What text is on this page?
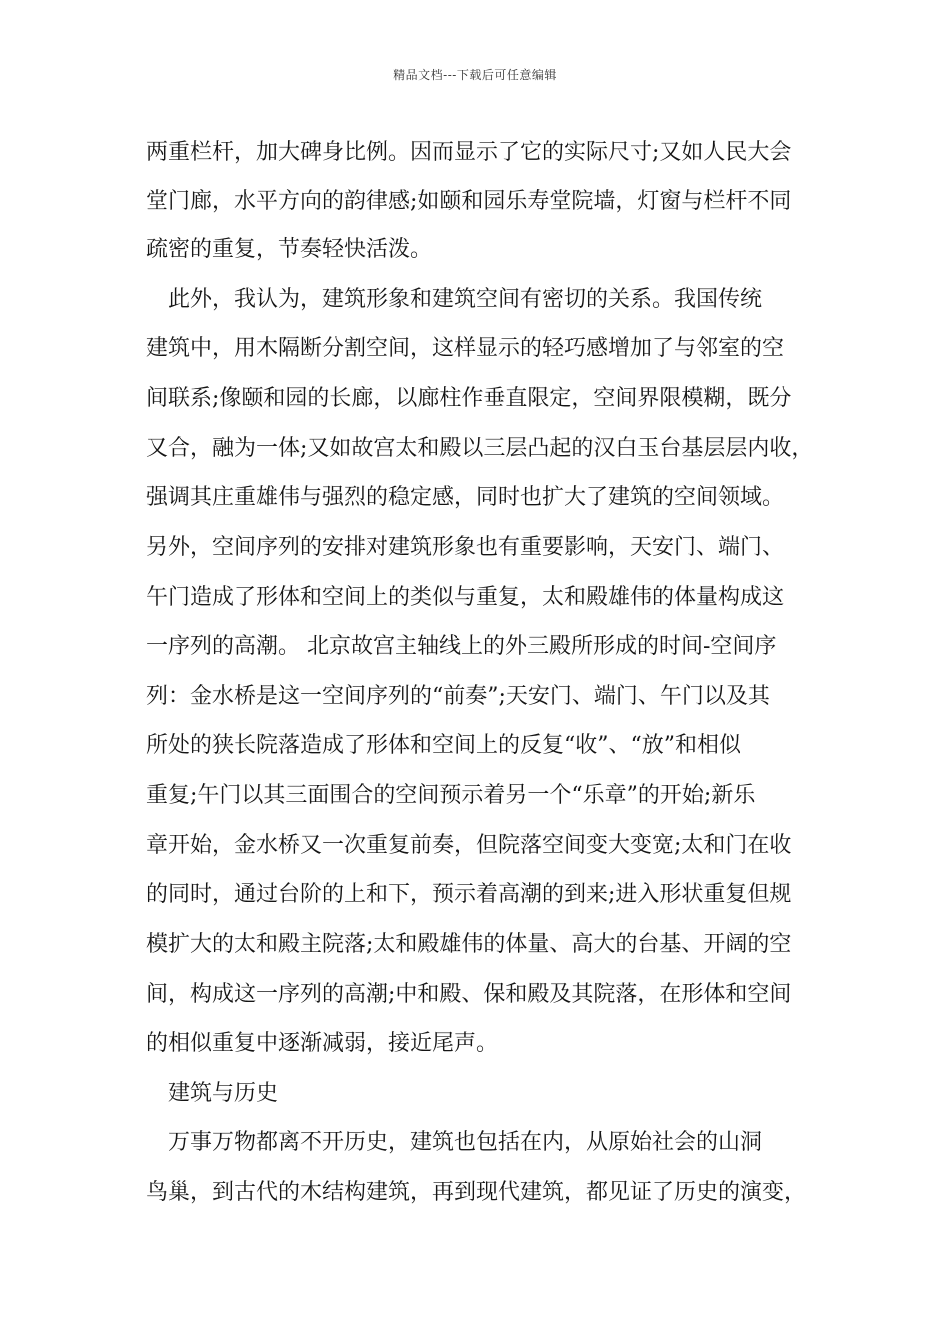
精品文档---下载后可任意编辑
两重栏杆，加大碑身比例。因而显示了它的实际尺寸;又如人民大会
堂门廊，水平方向的韵律感;如颐和园乐寿堂院墙，灯窗与栏杆不同
疏密的重复，节奏轻快活泼。
　此外，我认为，建筑形象和建筑空间有密切的关系。我国传统
建筑中，用木隔断分割空间，这样显示的轻巧感增加了与邻室的空
间联系;像颐和园的长廊，以廊柱作垂直限定，空间界限模糊，既分
又合，融为一体;又如故宫太和殿以三层凸起的汉白玉台基层层内收，
强调其庄重雄伟与强烈的稳定感，同时也扩大了建筑的空间领域。
另外，空间序列的安排对建筑形象也有重要影响，天安门、端门、
午门造成了形体和空间上的类似与重复，太和殿雄伟的体量构成这
一序列的高潮。 北京故宫主轴线上的外三殿所形成的时间-空间序
列：金水桥是这一空间序列的“前奏”;天安门、端门、午门以及其
所处的狭长院落造成了形体和空间上的反复“收”、“放”和相似
重复;午门以其三面围合的空间预示着另一个“乐章”的开始;新乐
章开始，金水桥又一次重复前奏，但院落空间变大变宽;太和门在收
的同时，通过台阶的上和下，预示着高潮的到来;进入形状重复但规
模扩大的太和殿主院落;太和殿雄伟的体量、高大的台基、开阔的空
间，构成这一序列的高潮;中和殿、保和殿及其院落，在形体和空间
的相似重复中逐渐减弱，接近尾声。
　建筑与历史
　万事万物都离不开历史，建筑也包括在内，从原始社会的山洞
鸟巢，到古代的木结构建筑，再到现代建筑，都见证了历史的演变，
